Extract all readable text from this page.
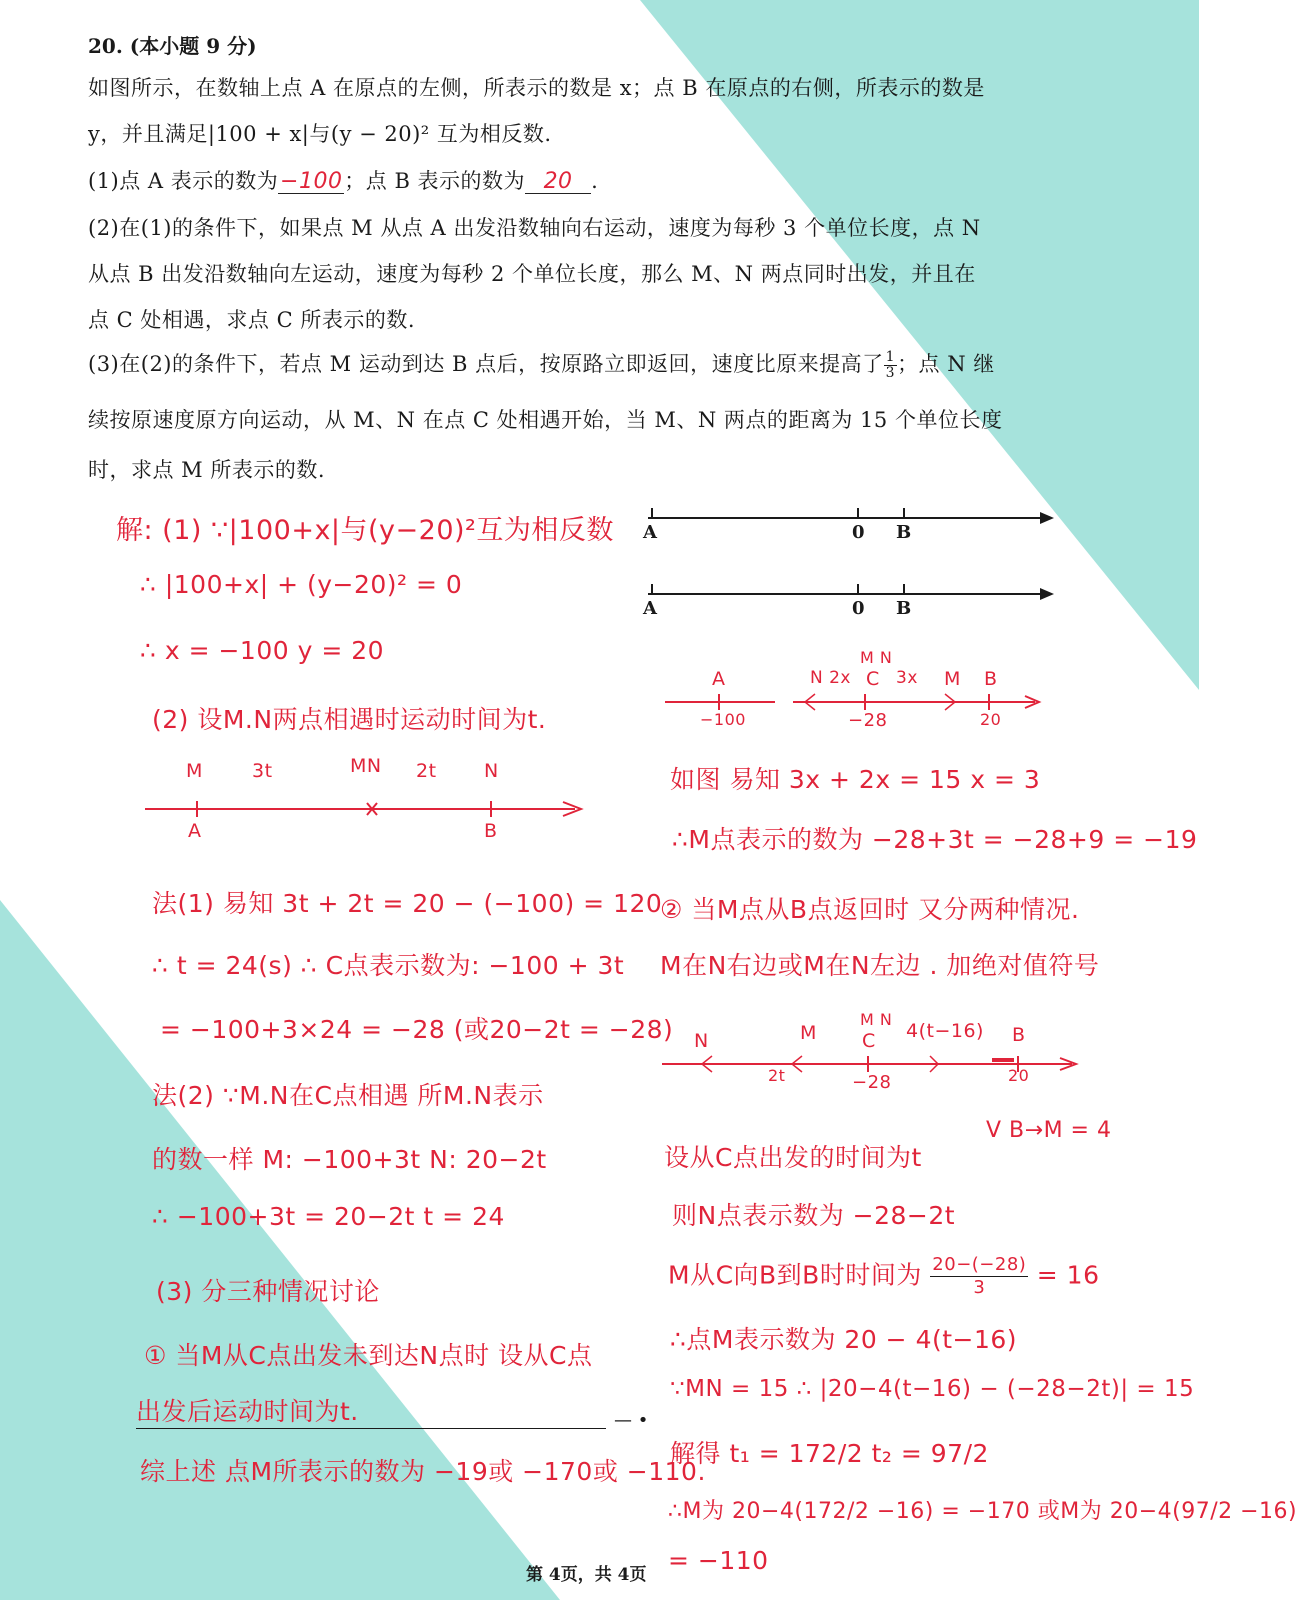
20. (本小题 9 分)
如图所示，在数轴上点 A 在原点的左侧，所表示的数是 x；点 B 在原点的右侧，所表示的数是
y，并且满足|100 + x|与(y − 20)² 互为相反数.
(1)点 A 表示的数为−100；点 B 表示的数为 20 .
(2)在(1)的条件下，如果点 M 从点 A 出发沿数轴向右运动，速度为每秒 3 个单位长度，点 N
从点 B 出发沿数轴向左运动，速度为每秒 2 个单位长度，那么 M、N 两点同时出发，并且在
点 C 处相遇，求点 C 所表示的数.
(3)在(2)的条件下，若点 M 运动到达 B 点后，按原路立即返回，速度比原来提高了 $\frac{1}{3}$；点 N 继
续按原速度原方向运动，从 M、N 在点 C 处相遇开始，当 M、N 两点的距离为 15 个单位长度
时，求点 M 所表示的数.
A	0 B
A	0 B
解: (1) ∵|100+x|与(y−20)²互为相反数
∴ |100+x| + (y−20)² = 0
∴ x = −100 y = 20
(2) 设M.N两点相遇时运动时间为t.
M	3t	MN 2t N
A	B
法(1) 易知 3t + 2t = 20 − (−100) = 120
∴ t = 24(s) ∴ C点表示数为: −100 + 3t
= −100+3×24 = −28 (或20−2t = −28)
法(2) ∵M.N在C点相遇 所M.N表示
的数一样 M: −100+3t N: 20−2t
∴ −100+3t = 20−2t t = 24
(3) 分三种情况讨论
① 当M从C点出发未到达N点时 设从C点
出发后运动时间为t.	— •
综上述 点M所表示的数为 −19或 −170或 −110.
A	N 2x
M N
C 3x M B
−100	−28	20
如图 易知 3x + 2x = 15 x = 3
∴M点表示的数为 −28+3t = −28+9 = −19
② 当M点从B点返回时 又分两种情况.
M在N右边或M在N左边 . 加绝对值符号
N	M
M N
C 4(t−16) B
2t	−28	20
设从C点出发的时间为t
V B→M = 4
则N点表示数为 −28−2t
M从C向B到B时时间为 $\frac{20-(-28)}{3} = 16$
∴点M表示数为 20 − 4(t−16)
∵MN = 15 ∴ |20−4(t−16) − (−28−2t)| = 15
解得 t₁ = 172/2 t₂ = 97/2
∴M为 20−4(172/2 −16) = −170 或M为 20−4(97/2 −16)
= −110
第 4页，共 4页
